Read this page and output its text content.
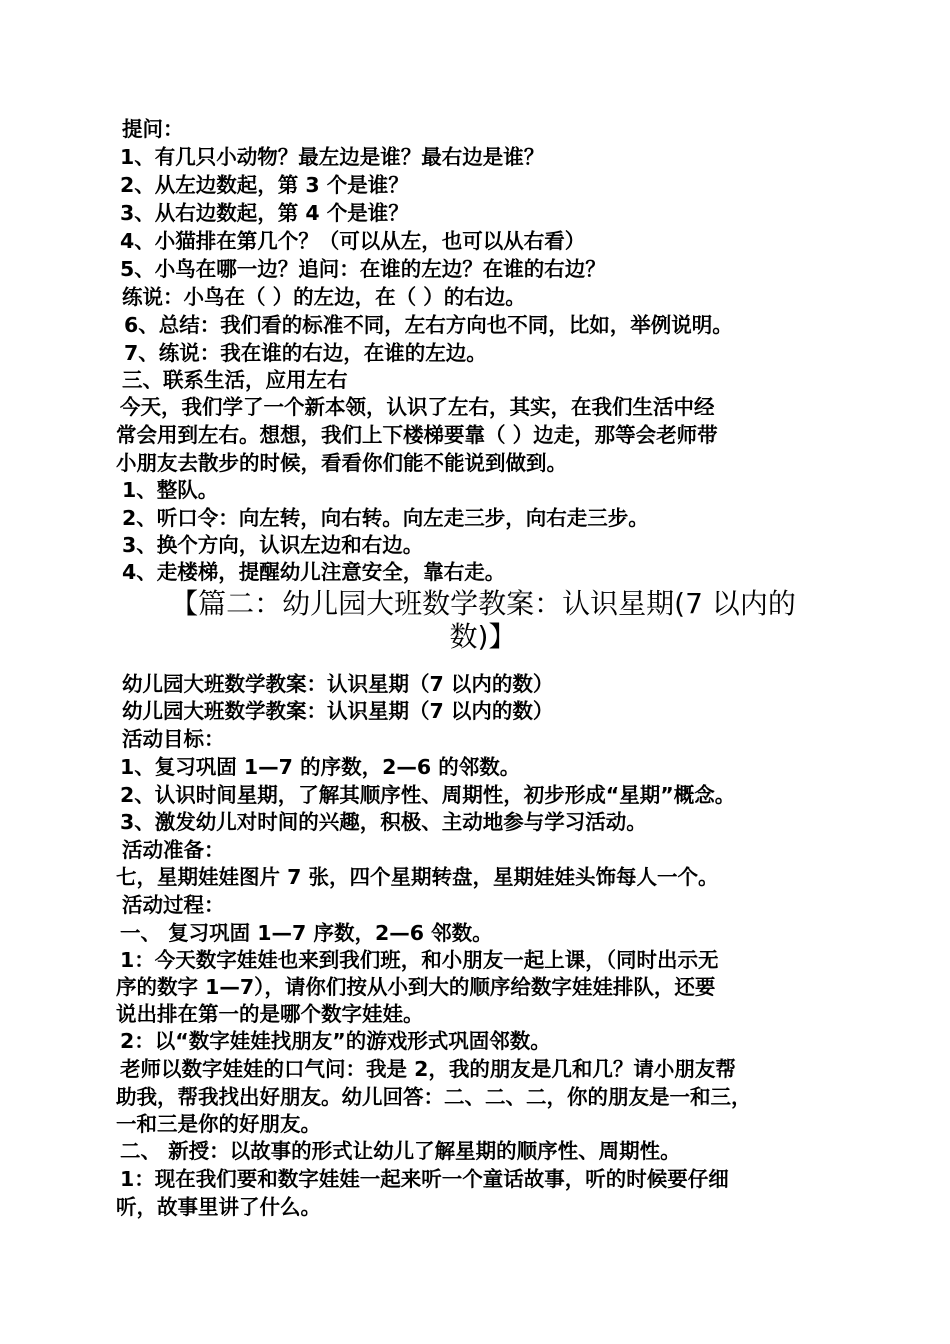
提问：
1、有几只小动物？最左边是谁？最右边是谁？
2、从左边数起，第 3 个是谁？
3、从右边数起，第 4 个是谁？
4、小猫排在第几个？（可以从左，也可以从右看）
5、小鸟在哪一边？追问：在谁的左边？在谁的右边？
练说：小鸟在（ ）的左边，在（ ）的右边。
6、总结：我们看的标准不同，左右方向也不同，比如，举例说明。
7、练说：我在谁的右边，在谁的左边。
三、联系生活，应用左右
今天，我们学了一个新本领，认识了左右，其实，在我们生活中经
常会用到左右。想想，我们上下楼梯要靠（ ）边走，那等会老师带
小朋友去散步的时候，看看你们能不能说到做到。
1、整队。
2、听口令：向左转，向右转。向左走三步，向右走三步。
3、换个方向，认识左边和右边。
4、走楼梯，提醒幼儿注意安全，靠右走。
【篇二：幼儿园大班数学教案：认识星期(7 以内的
数)】
幼儿园大班数学教案：认识星期（7 以内的数）
幼儿园大班数学教案：认识星期（7 以内的数）
活动目标：
1、复习巩固 1—7 的序数，2—6 的邻数。
2、认识时间星期，了解其顺序性、周期性，初步形成“星期”概念。
3、激发幼儿对时间的兴趣，积极、主动地参与学习活动。
活动准备：
七，星期娃娃图片 7 张，四个星期转盘，星期娃娃头饰每人一个。
活动过程：
一、 复习巩固 1—7 序数，2—6 邻数。
1：今天数字娃娃也来到我们班，和小朋友一起上课，（同时出示无
序的数字 1—7），请你们按从小到大的顺序给数字娃娃排队，还要
说出排在第一的是哪个数字娃娃。
2：以“数字娃娃找朋友”的游戏形式巩固邻数。
老师以数字娃娃的口气问：我是 2，我的朋友是几和几？请小朋友帮
助我，帮我找出好朋友。幼儿回答：二、二、二，你的朋友是一和三，
一和三是你的好朋友。
二、 新授：以故事的形式让幼儿了解星期的顺序性、周期性。
1：现在我们要和数字娃娃一起来听一个童话故事，听的时候要仔细
听，故事里讲了什么。
